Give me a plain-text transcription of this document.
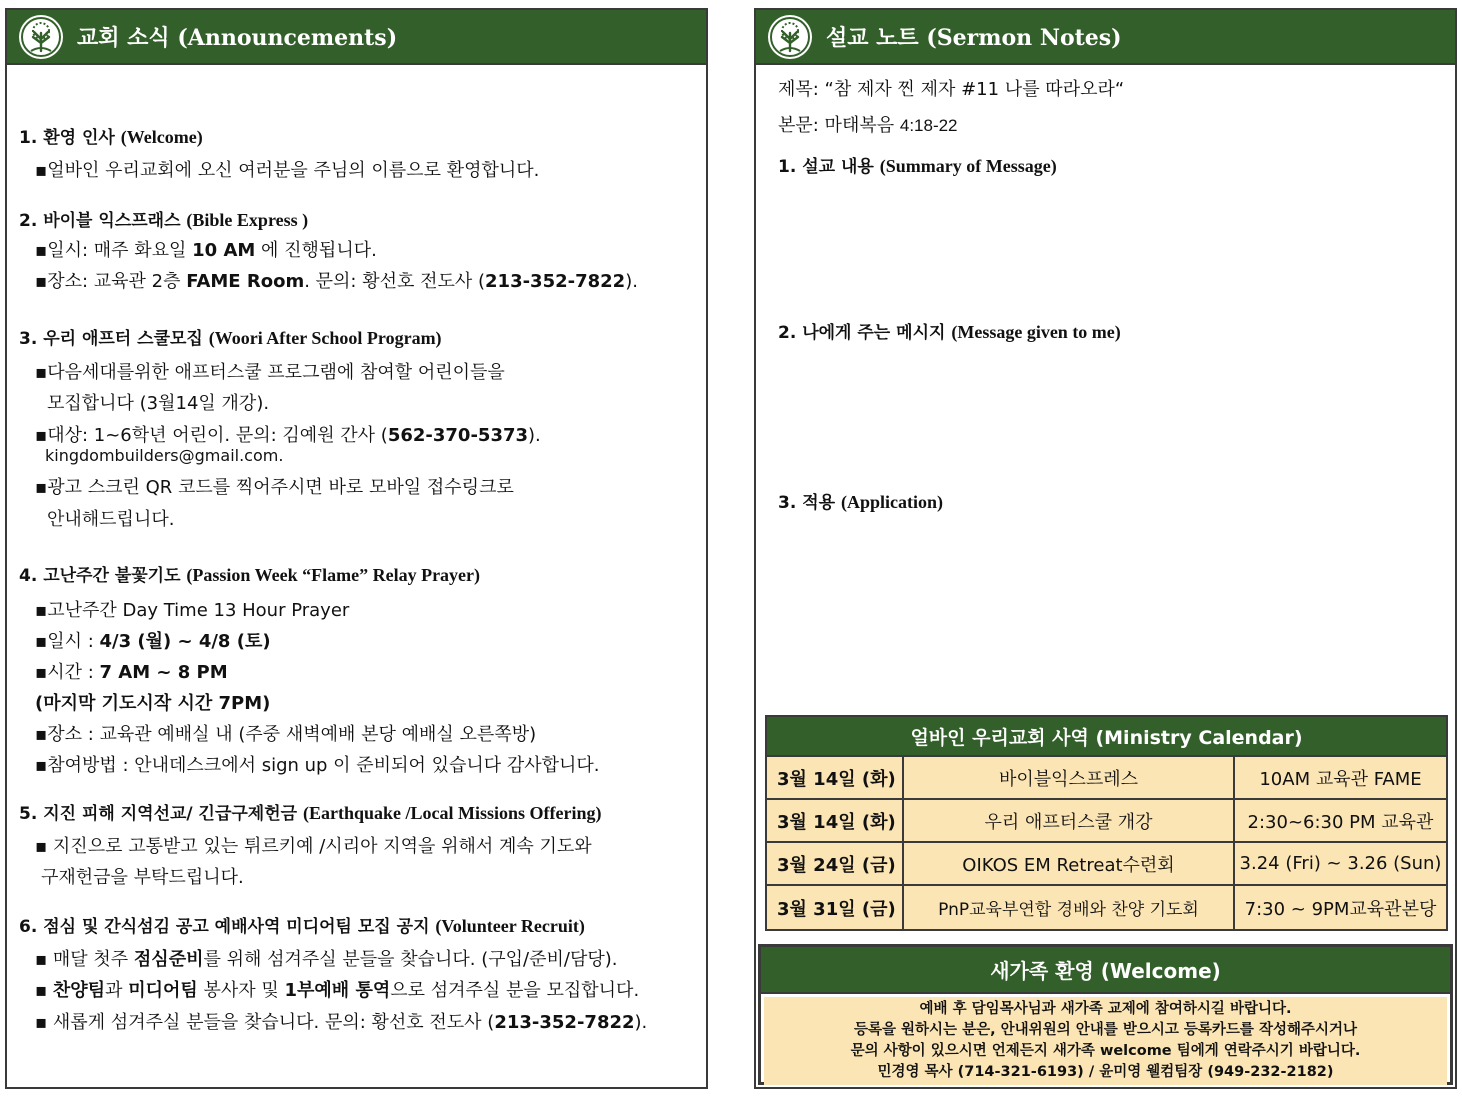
교회 소식 (Announcements)
1. 환영 인사 (Welcome)
▪얼바인 우리교회에 오신 여러분을 주님의 이름으로 환영합니다.
2. 바이블 익스프래스 (Bible Express )
▪일시: 매주 화요일 10 AM 에 진행됩니다.
▪장소: 교육관 2층 FAME Room. 문의: 황선호 전도사 (213-352-7822).
3. 우리 애프터 스쿨모집 (Woori After School Program)
▪다음세대를위한 애프터스쿨 프로그램에 참여할 어린이들을
모집합니다 (3월14일 개강).
▪대상: 1~6학년 어린이. 문의: 김예원 간사 (562-370-5373).
kingdombuilders@gmail.com.
▪광고 스크린 QR 코드를 찍어주시면 바로 모바일 접수링크로
안내해드립니다.
4. 고난주간 불꽃기도 (Passion Week “Flame” Relay Prayer)
▪고난주간 Day Time 13 Hour Prayer
▪일시 : 4/3 (월) ~ 4/8 (토)
▪시간 : 7 AM ~ 8 PM
(마지막 기도시작 시간 7PM)
▪장소 : 교육관 예배실 내 (주중 새벽예배 본당 예배실 오른쪽방)
▪참여방법 : 안내데스크에서 sign up 이 준비되어 있습니다 감사합니다.
5. 지진 피해 지역선교/ 긴급구제헌금 (Earthquake /Local Missions Offering)
▪ 지진으로 고통받고 있는 튀르키예 /시리아 지역을 위해서 계속 기도와
구재헌금을 부탁드립니다.
6. 점심 및 간식섬김 공고 예배사역 미디어팀 모집 공지 (Volunteer Recruit)
▪ 매달 첫주 점심준비를 위해 섬겨주실 분들을 찾습니다. (구입/준비/담당).
▪ 찬양팀과 미디어팀 봉사자 및 1부예배 통역으로 섬겨주실 분을 모집합니다.
▪ 새롭게 섬겨주실 분들을 찾습니다. 문의: 황선호 전도사 (213-352-7822).
설교 노트 (Sermon Notes)
제목: “참 제자 찐 제자 #11 나를 따라오라“
본문: 마태복음 4:18-22
1. 설교 내용 (Summary of Message)
2. 나에게 주는 메시지 (Message given to me)
3. 적용 (Application)
얼바인 우리교회 사역 (Ministry Calendar)
3월 14일 (화)	바이블익스프레스	10AM 교육관 FAME
3월 14일 (화)	우리 애프터스쿨 개강	2:30~6:30 PM 교육관
3월 24일 (금)	OIKOS EM Retreat수련회	3.24 (Fri) ~ 3.26 (Sun)
3월 31일 (금)	PnP교육부연합 경배와 찬양 기도회	7:30 ~ 9PM교육관본당
새가족 환영 (Welcome)
예배 후 담임목사님과 새가족 교제에 참여하시길 바랍니다.
등록을 원하시는 분은, 안내위원의 안내를 받으시고 등록카드를 작성해주시거나
문의 사항이 있으시면 언제든지 새가족 welcome 팀에게 연락주시기 바랍니다.
민경영 목사 (714-321-6193) / 윤미영 웰컴팀장 (949-232-2182)
